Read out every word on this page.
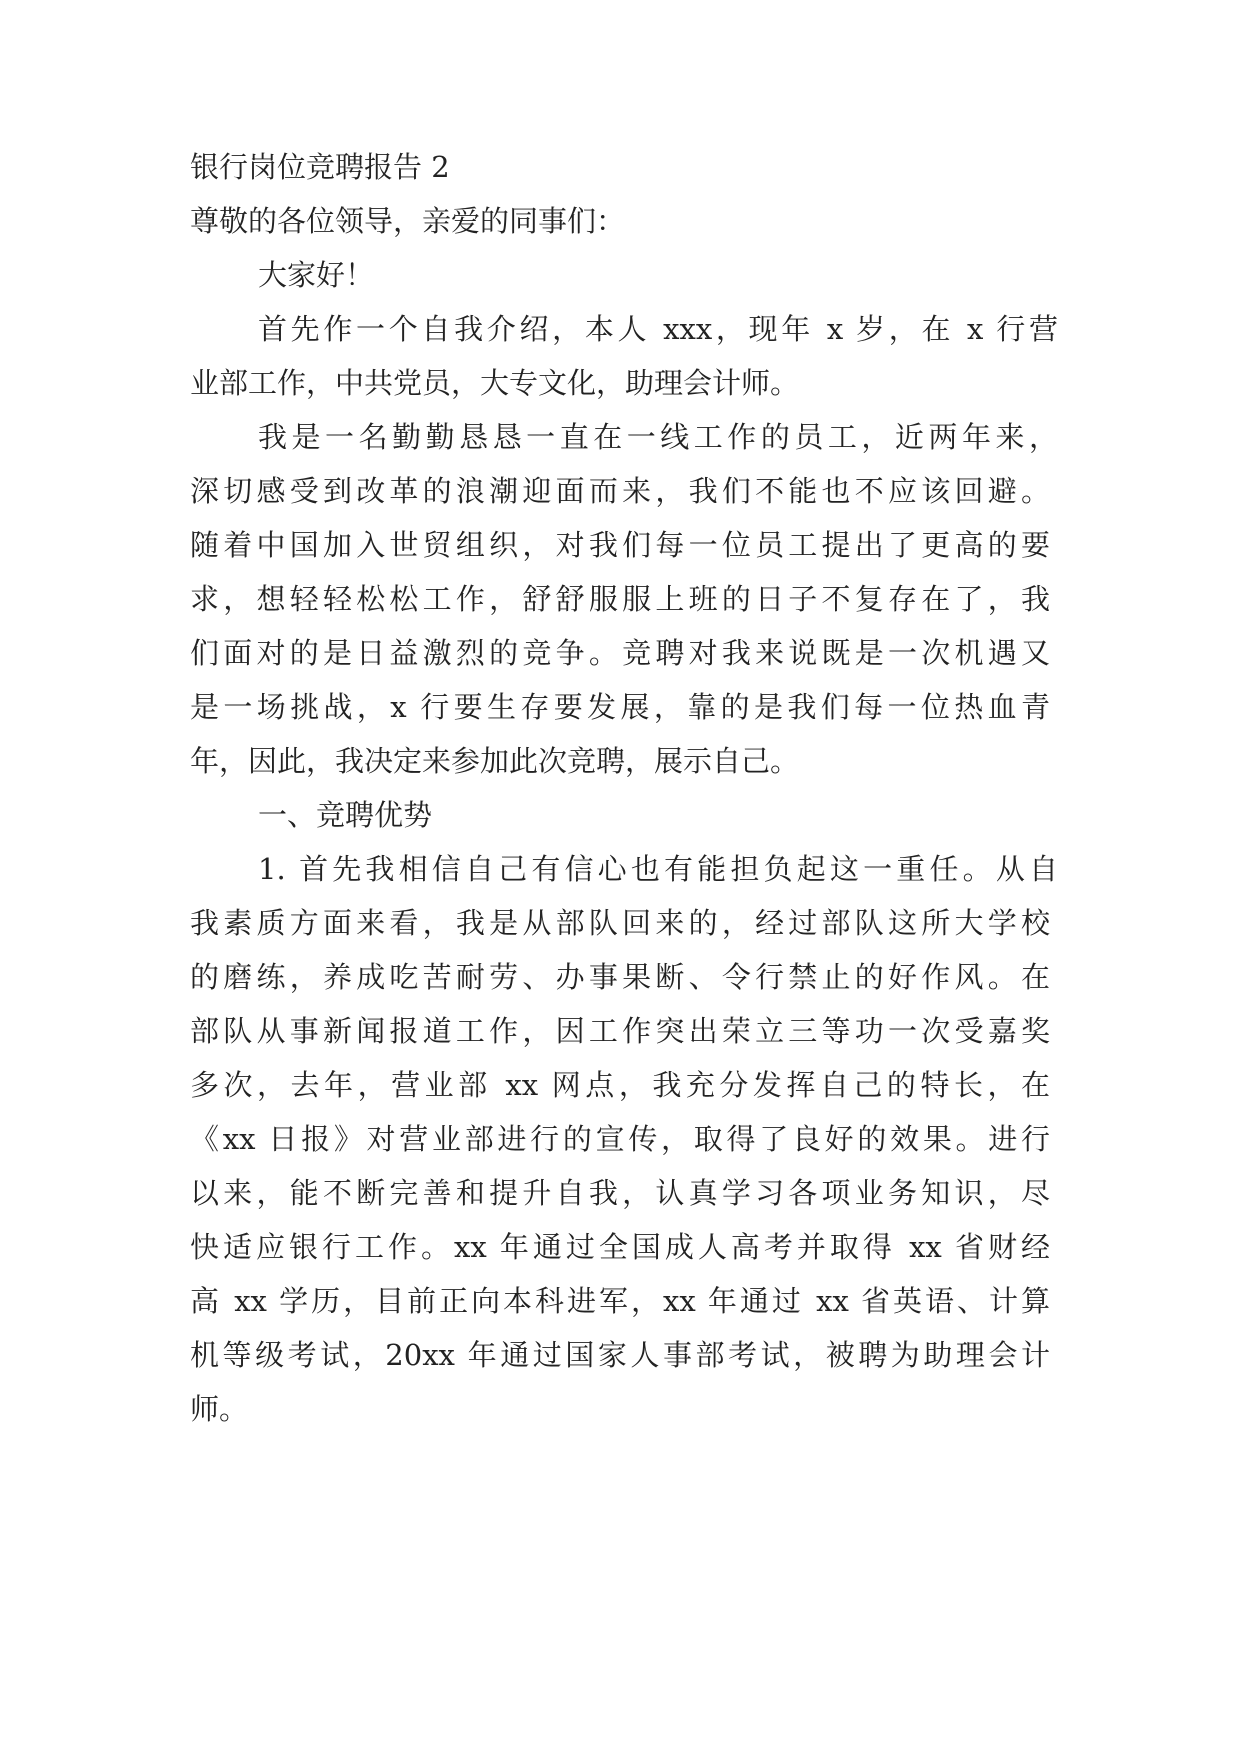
银行岗位竞聘报告 2
尊敬的各位领导，亲爱的同事们：
大家好！
首先作一个自我介绍，本人 xxx，现年 x 岁，在 x 行营
业部工作，中共党员，大专文化，助理会计师。
我是一名勤勤恳恳一直在一线工作的员工，近两年来，
深切感受到改革的浪潮迎面而来，我们不能也不应该回避。
随着中国加入世贸组织，对我们每一位员工提出了更高的要
求，想轻轻松松工作，舒舒服服上班的日子不复存在了，我
们面对的是日益激烈的竞争。竞聘对我来说既是一次机遇又
是一场挑战，x 行要生存要发展，靠的是我们每一位热血青
年，因此，我决定来参加此次竞聘，展示自己。
一、竞聘优势
1. 首先我相信自己有信心也有能担负起这一重任。从自
我素质方面来看，我是从部队回来的，经过部队这所大学校
的磨练，养成吃苦耐劳、办事果断、令行禁止的好作风。在
部队从事新闻报道工作，因工作突出荣立三等功一次受嘉奖
多次，去年，营业部 xx 网点，我充分发挥自己的特长，在
《xx 日报》对营业部进行的宣传，取得了良好的效果。进行
以来，能不断完善和提升自我，认真学习各项业务知识，尽
快适应银行工作。xx 年通过全国成人高考并取得 xx 省财经
高 xx 学历，目前正向本科进军，xx 年通过 xx 省英语、计算
机等级考试，20xx 年通过国家人事部考试，被聘为助理会计
师。
